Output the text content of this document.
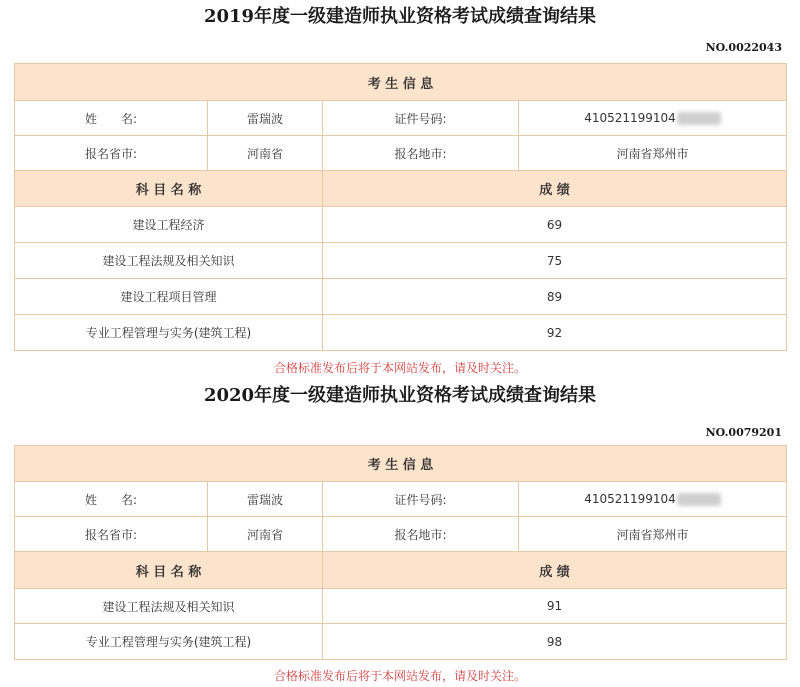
2019年度一级建造师执业资格考试成绩查询结果
NO.0022043
考 生 信 息			
姓　　名:	雷瑞波	证件号码:	410521199104
报名省市:	河南省	报名地市:	河南省郑州市
科 目 名 称		成 绩	
建设工程经济		69	
建设工程法规及相关知识		75	
建设工程项目管理		89	
专业工程管理与实务(建筑工程)		92	
合格标准发布后将于本网站发布，请及时关注。
2020年度一级建造师执业资格考试成绩查询结果
NO.0079201
考 生 信 息			
姓　　名:	雷瑞波	证件号码:	410521199104
报名省市:	河南省	报名地市:	河南省郑州市
科 目 名 称		成 绩	
建设工程法规及相关知识		91	
专业工程管理与实务(建筑工程)		98	
合格标准发布后将于本网站发布，请及时关注。
